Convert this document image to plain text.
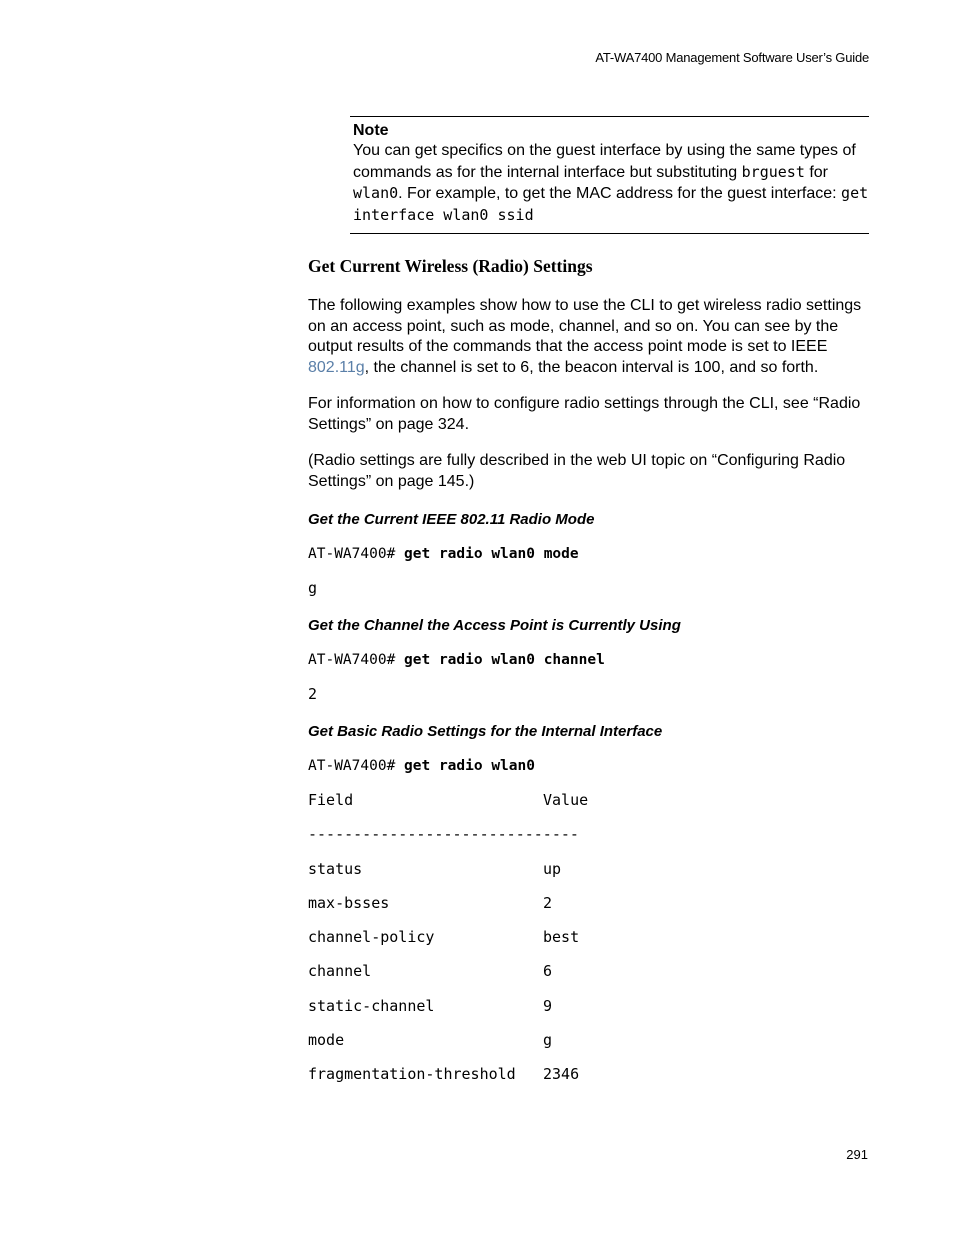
AT-WA7400 Management Software User’s Guide
Note
You can get specifics on the guest interface by using the same types of commands as for the internal interface but substituting brguest for wlan0. For example, to get the MAC address for the guest interface: get interface wlan0 ssid
Get Current Wireless (Radio) Settings

The following examples show how to use the CLI to get wireless radio settings on an access point, such as mode, channel, and so on. You can see by the output results of the commands that the access point mode is set to IEEE 802.11g, the channel is set to 6, the beacon interval is 100, and so forth.

For information on how to configure radio settings through the CLI, see “Radio Settings” on page 324.

(Radio settings are fully described in the web UI topic on “Configuring Radio Settings” on page 145.)

Get the Current IEEE 802.11 Radio Mode
AT-WA7400# get radio wlan0 mode
g
Get the Channel the Access Point is Currently Using
AT-WA7400# get radio wlan0 channel
2
Get Basic Radio Settings for the Internal Interface
AT-WA7400# get radio wlan0
Field	Value
------------------------------
status	up
max-bsses	2
channel-policy	best
channel	6
static-channel	9
mode	g
fragmentation-threshold 2346
291
